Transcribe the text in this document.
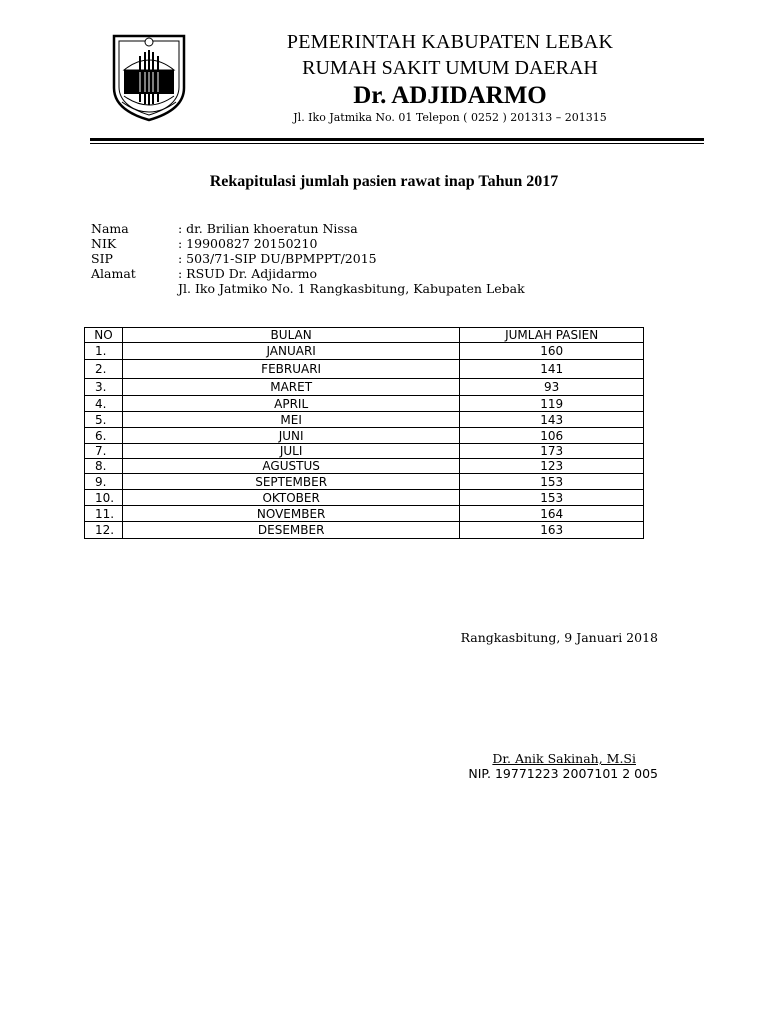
PEMERINTAH KABUPATEN LEBAK
RUMAH SAKIT UMUM DAERAH
Dr. ADJIDARMO
Jl. Iko Jatmika No. 01 Telepon ( 0252 ) 201313 – 201315
Rekapitulasi jumlah pasien rawat inap Tahun 2017
Nama	: dr. Brilian khoeratun Nissa
NIK	: 19900827 20150210
SIP	: 503/71-SIP DU/BPMPPT/2015
Alamat	: RSUD Dr. Adjidarmo
Jl. Iko Jatmiko No. 1 Rangkasbitung, Kabupaten Lebak
NO	BULAN	JUMLAH PASIEN
1.	JANUARI	160
2.	FEBRUARI	141
3.	MARET	93
4.	APRIL	119
5.	MEI	143
6.	JUNI	106
7.	JULI	173
8.	AGUSTUS	123
9.	SEPTEMBER	153
10.	OKTOBER	153
11.	NOVEMBER	164
12.	DESEMBER	163
Rangkasbitung, 9 Januari 2018
Dr. Anik Sakinah, M.Si
NIP. 19771223 2007101 2 005
